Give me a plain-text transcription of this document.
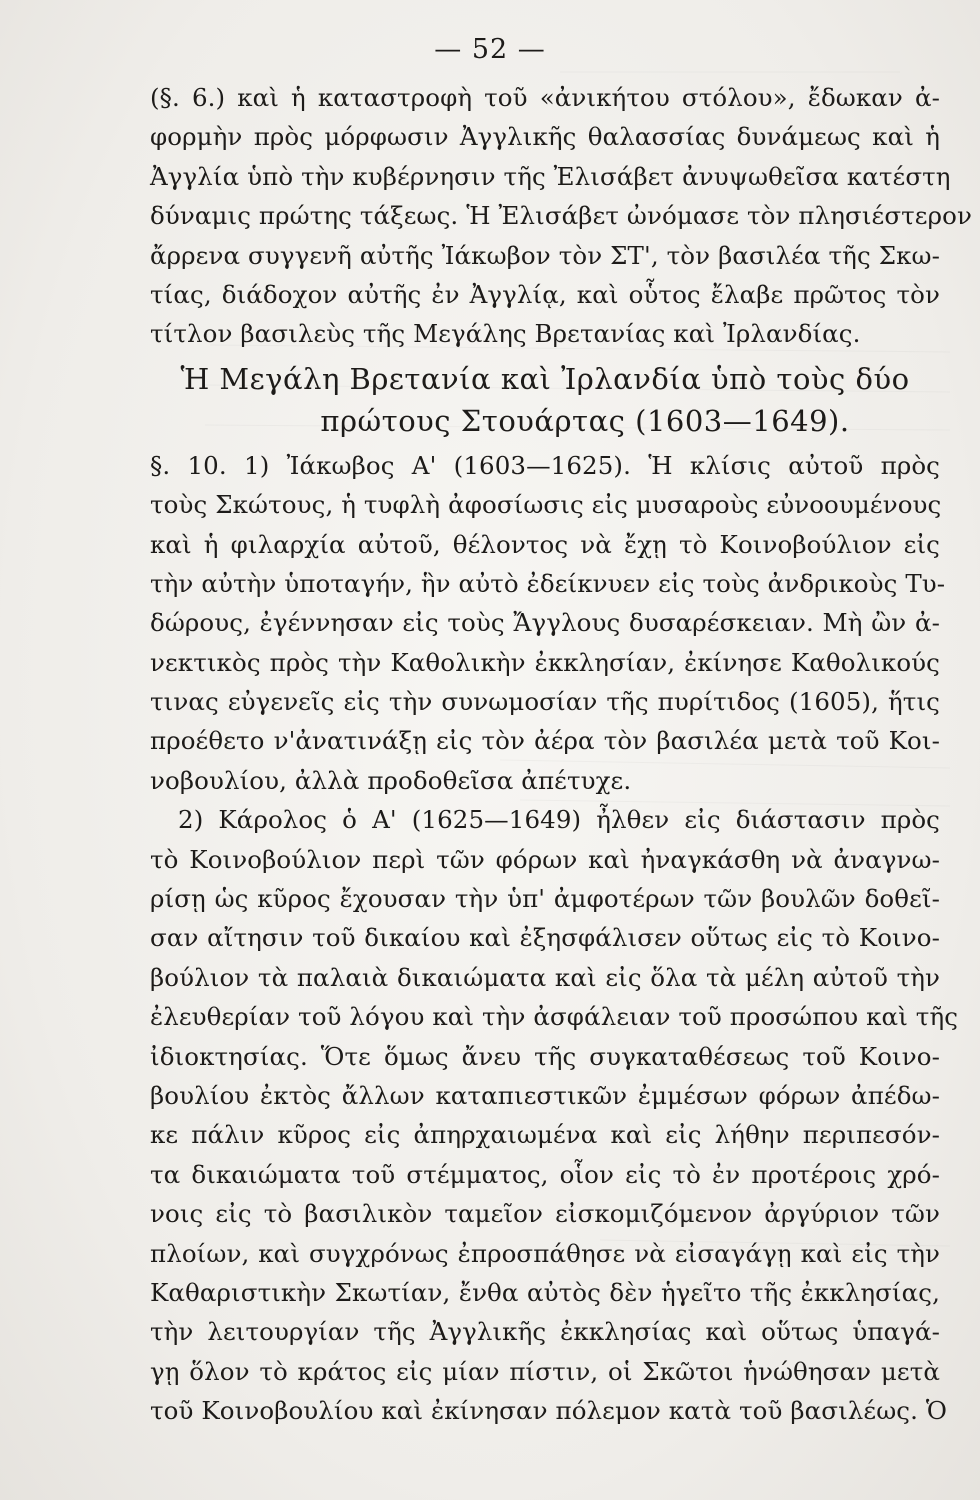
— 52 —
(§. 6.) καὶ ἡ καταστροφὴ τοῦ «ἀνικήτου στόλου», ἔδωκαν ἀ-
φορμὴν πρὸς μόρφωσιν Ἀγγλικῆς θαλασσίας δυνάμεως καὶ ἡ
Ἀγγλία ὑπὸ τὴν κυβέρνησιν τῆς Ἐλισάβετ ἀνυψωθεῖσα κατέστη
δύναμις πρώτης τάξεως. Ἡ Ἐλισάβετ ὠνόμασε τὸν πλησιέστερον
ἄρρενα συγγενῆ αὐτῆς Ἰάκωβον τὸν ΣΤ', τὸν βασιλέα τῆς Σκω-
τίας, διάδοχον αὐτῆς ἐν Ἀγγλίᾳ, καὶ οὗτος ἔλαβε πρῶτος τὸν
τίτλον βασιλεὺς τῆς Μεγάλης Βρετανίας καὶ Ἰρλανδίας.
Ἡ Μεγάλη Βρετανία καὶ Ἰρλανδία ὑπὸ τοὺς δύο
πρώτους Στουάρτας (1603—1649).
§. 10. 1) Ἰάκωβος Α' (1603—1625). Ἡ κλίσις αὐτοῦ πρὸς
τοὺς Σκώτους, ἡ τυφλὴ ἀφοσίωσις εἰς μυσαροὺς εὐνοουμένους
καὶ ἡ φιλαρχία αὐτοῦ, θέλοντος νὰ ἔχῃ τὸ Κοινοβούλιον εἰς
τὴν αὐτὴν ὑποταγήν, ἣν αὐτὸ ἐδείκνυεν εἰς τοὺς ἀνδρικοὺς Τυ-
δώρους, ἐγέννησαν εἰς τοὺς Ἄγγλους δυσαρέσκειαν. Μὴ ὢν ἀ-
νεκτικὸς πρὸς τὴν Καθολικὴν ἐκκλησίαν, ἐκίνησε Καθολικούς
τινας εὐγενεῖς εἰς τὴν συνωμοσίαν τῆς πυρίτιδος (1605), ἥτις
προέθετο ν'ἀνατινάξῃ εἰς τὸν ἀέρα τὸν βασιλέα μετὰ τοῦ Κοι-
νοβουλίου, ἀλλὰ προδοθεῖσα ἀπέτυχε.
2) Κάρολος ὁ Α' (1625—1649) ἦλθεν εἰς διάστασιν πρὸς
τὸ Κοινοβούλιον περὶ τῶν φόρων καὶ ἠναγκάσθη νὰ ἀναγνω-
ρίσῃ ὡς κῦρος ἔχουσαν τὴν ὑπ' ἀμφοτέρων τῶν βουλῶν δοθεῖ-
σαν αἴτησιν τοῦ δικαίου καὶ ἐξησφάλισεν οὕτως εἰς τὸ Κοινο-
βούλιον τὰ παλαιὰ δικαιώματα καὶ εἰς ὅλα τὰ μέλη αὐτοῦ τὴν
ἐλευθερίαν τοῦ λόγου καὶ τὴν ἀσφάλειαν τοῦ προσώπου καὶ τῆς
ἰδιοκτησίας. Ὅτε ὅμως ἄνευ τῆς συγκαταθέσεως τοῦ Κοινο-
βουλίου ἐκτὸς ἄλλων καταπιεστικῶν ἐμμέσων φόρων ἀπέδω-
κε πάλιν κῦρος εἰς ἀπηρχαιωμένα καὶ εἰς λήθην περιπεσόν-
τα δικαιώματα τοῦ στέμματος, οἷον εἰς τὸ ἐν προτέροις χρό-
νοις εἰς τὸ βασιλικὸν ταμεῖον εἰσκομιζόμενον ἀργύριον τῶν
πλοίων, καὶ συγχρόνως ἐπροσπάθησε νὰ εἰσαγάγῃ καὶ εἰς τὴν
Καθαριστικὴν Σκωτίαν, ἔνθα αὐτὸς δὲν ἡγεῖτο τῆς ἐκκλησίας,
τὴν λειτουργίαν τῆς Ἀγγλικῆς ἐκκλησίας καὶ οὕτως ὑπαγά-
γῃ ὅλον τὸ κράτος εἰς μίαν πίστιν, οἱ Σκῶτοι ἡνώθησαν μετὰ
τοῦ Κοινοβουλίου καὶ ἐκίνησαν πόλεμον κατὰ τοῦ βασιλέως. Ὁ
